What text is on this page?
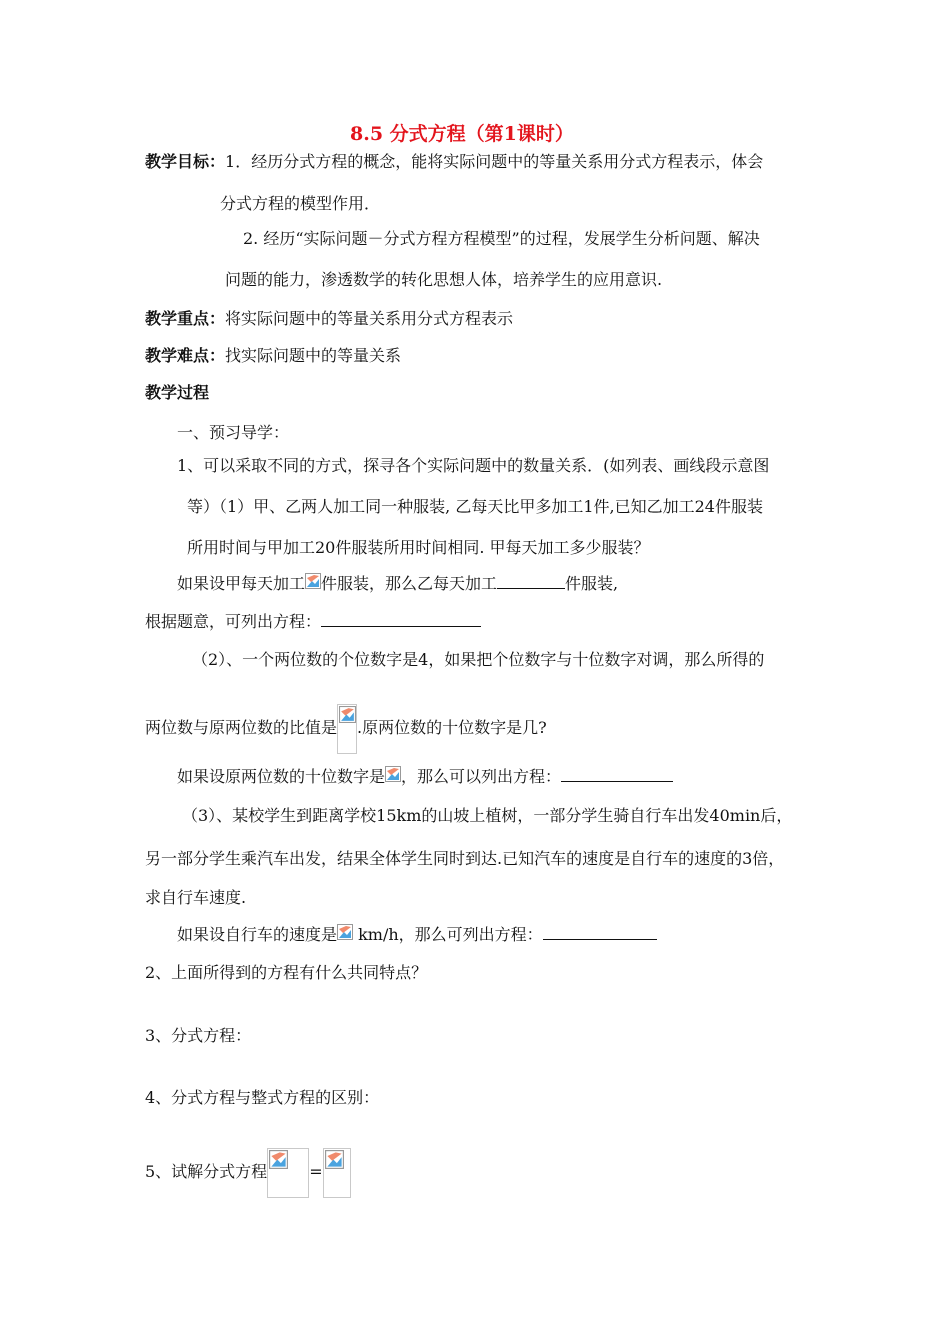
8.5 分式方程（第1课时）
教学目标：1．经历分式方程的概念，能将实际问题中的等量关系用分式方程表示，体会
分式方程的模型作用．
2. 经历“实际问题－分式方程方程模型”的过程，发展学生分析问题、解决
问题的能力，渗透数学的转化思想人体，培养学生的应用意识.
教学重点：将实际问题中的等量关系用分式方程表示
教学难点：找实际问题中的等量关系
教学过程
一、预习导学：
1、可以采取不同的方式，探寻各个实际问题中的数量关系．(如列表、画线段示意图
等）（1）甲、乙两人加工同一种服装, 乙每天比甲多加工1件,已知乙加工24件服装
所用时间与甲加工20件服装所用时间相同. 甲每天加工多少服装？
如果设甲每天加工 件服装，那么乙每天加工	件服装,
根据题意，可列出方程：
（2）、一个两位数的个位数字是4，如果把个位数字与十位数字对调，那么所得的
两位数与原两位数的比值是 .原两位数的十位数字是几?
如果设原两位数的十位数字是 ，那么可以列出方程：
（3）、某校学生到距离学校15km的山坡上植树，一部分学生骑自行车出发40min后，
另一部分学生乘汽车出发，结果全体学生同时到达.已知汽车的速度是自行车的速度的3倍，
求自行车速度.
如果设自行车的速度是
km/h，那么可列出方程：
2、上面所得到的方程有什么共同特点？
3、分式方程：
4、分式方程与整式方程的区别：
5、试解分式方程	=
